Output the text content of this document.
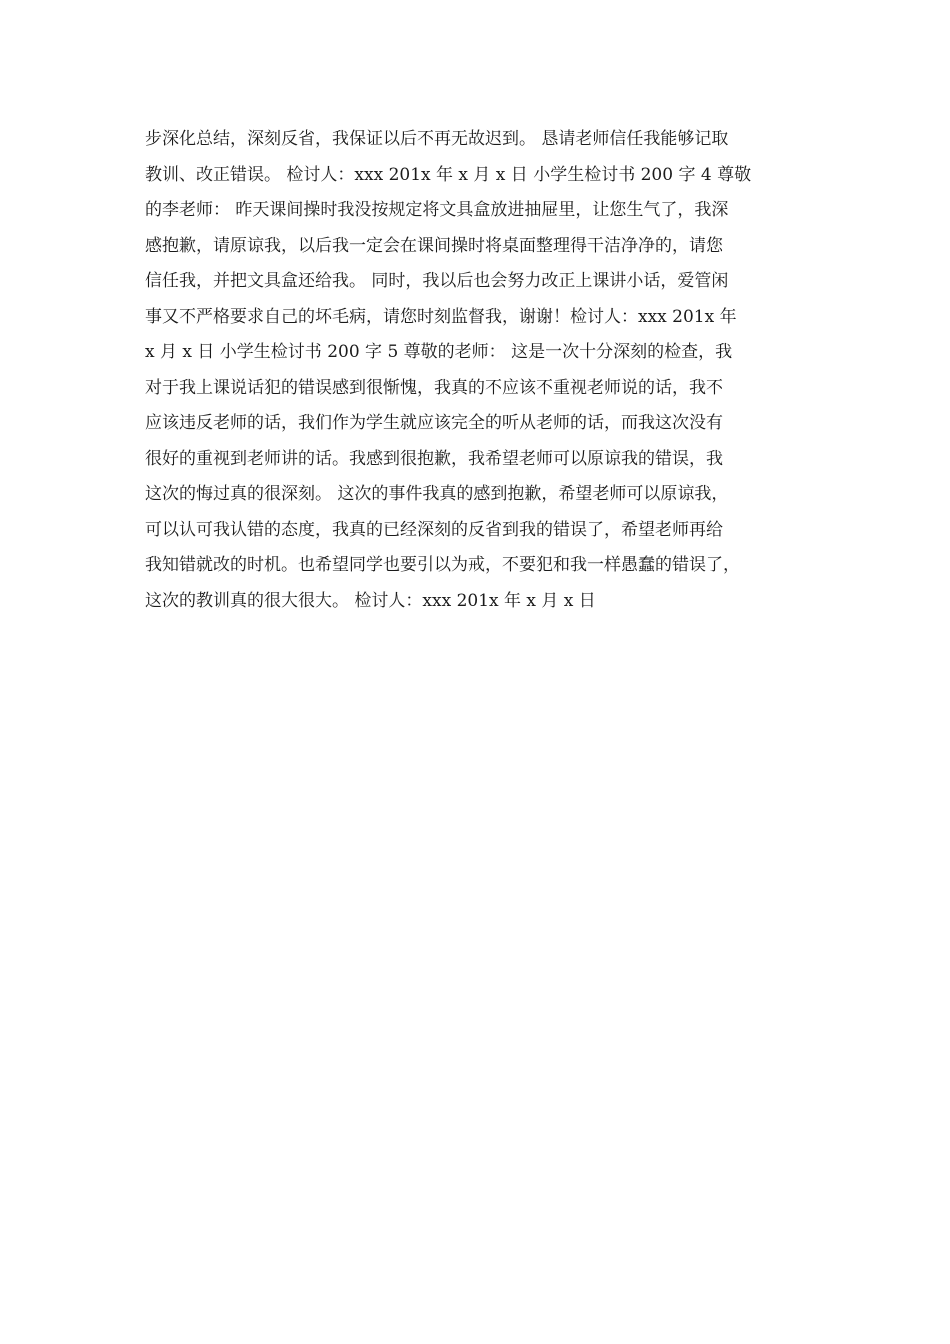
步深化总结，深刻反省，我保证以后不再无故迟到。 恳请老师信任我能够记取
教训、改正错误。 检讨人：xxx 201x 年 x 月 x 日 小学生检讨书 200 字 4 尊敬
的李老师： 昨天课间操时我没按规定将文具盒放进抽屉里，让您生气了，我深
感抱歉，请原谅我，以后我一定会在课间操时将桌面整理得干洁净净的，请您
信任我，并把文具盒还给我。 同时，我以后也会努力改正上课讲小话，爱管闲
事又不严格要求自己的坏毛病，请您时刻监督我，谢谢！检讨人：xxx 201x 年
x 月 x 日 小学生检讨书 200 字 5 尊敬的老师： 这是一次十分深刻的检查，我
对于我上课说话犯的错误感到很惭愧，我真的不应该不重视老师说的话，我不
应该违反老师的话，我们作为学生就应该完全的听从老师的话，而我这次没有
很好的重视到老师讲的话。我感到很抱歉，我希望老师可以原谅我的错误，我
这次的悔过真的很深刻。 这次的事件我真的感到抱歉，希望老师可以原谅我，
可以认可我认错的态度，我真的已经深刻的反省到我的错误了，希望老师再给
我知错就改的时机。也希望同学也要引以为戒，不要犯和我一样愚蠢的错误了，
这次的教训真的很大很大。 检讨人：xxx 201x 年 x 月 x 日
